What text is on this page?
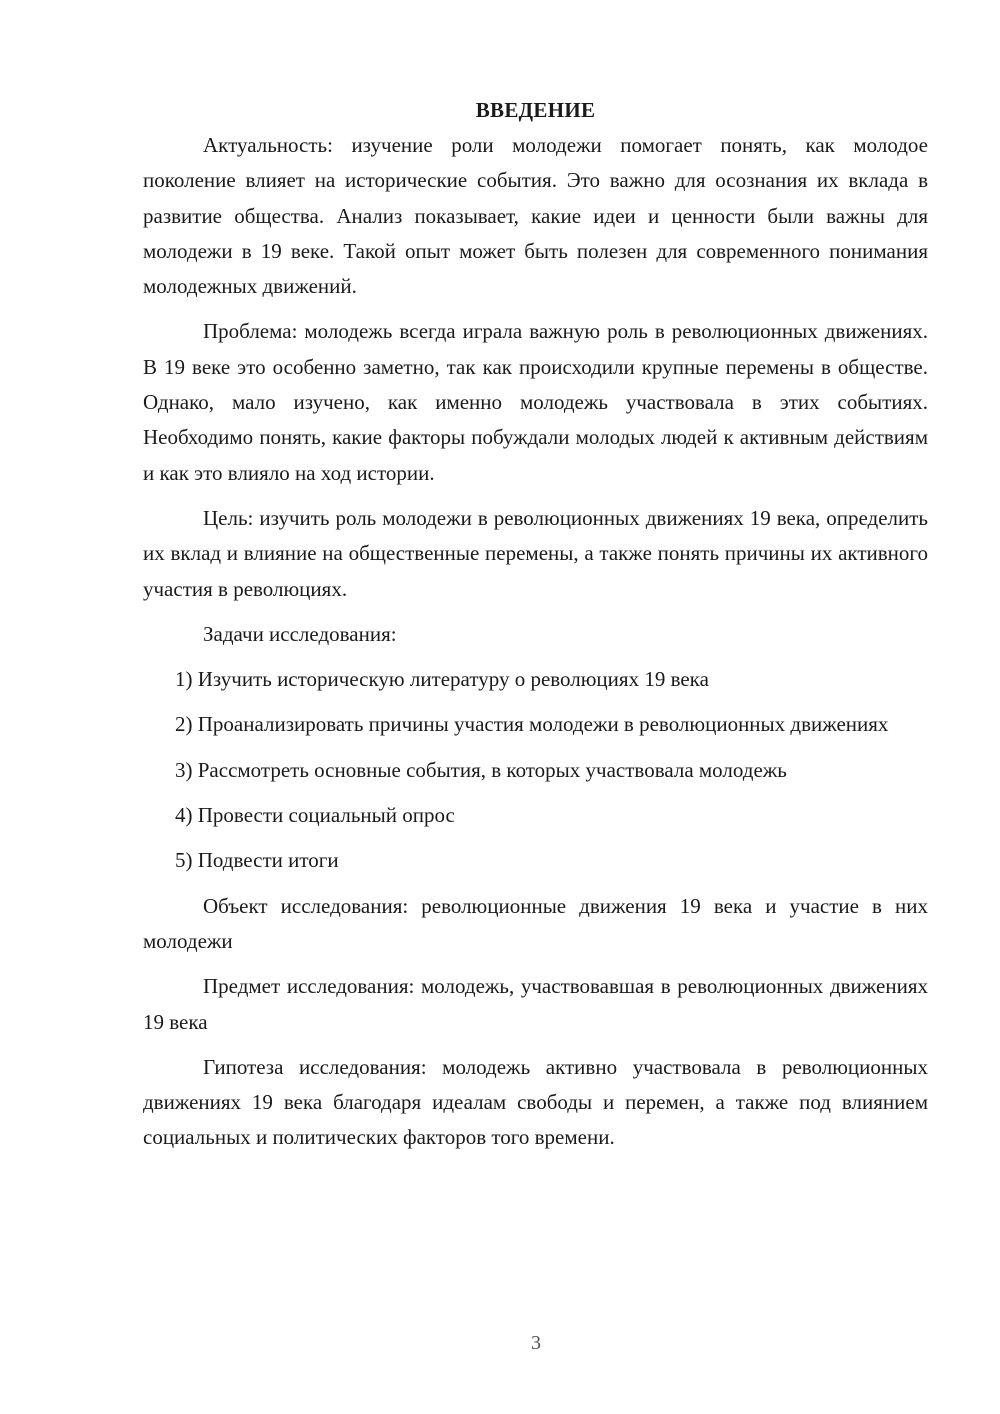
ВВЕДЕНИЕ

Актуальность: изучение роли молодежи помогает понять, как молодое поколение влияет на исторические события. Это важно для осознания их вклада в развитие общества. Анализ показывает, какие идеи и ценности были важны для молодежи в 19 веке. Такой опыт может быть полезен для современного понимания молодежных движений.

Проблема: молодежь всегда играла важную роль в революционных движениях. В 19 веке это особенно заметно, так как происходили крупные перемены в обществе. Однако, мало изучено, как именно молодежь участвовала в этих событиях. Необходимо понять, какие факторы побуждали молодых людей к активным действиям и как это влияло на ход истории.

Цель: изучить роль молодежи в революционных движениях 19 века, определить их вклад и влияние на общественные перемены, а также понять причины их активного участия в революциях.

Задачи исследования:

1) Изучить историческую литературу о революциях 19 века

2) Проанализировать причины участия молодежи в революционных движениях

3) Рассмотреть основные события, в которых участвовала молодежь

4) Провести социальный опрос

5) Подвести итоги

Объект исследования: революционные движения 19 века и участие в них молодежи

Предмет исследования: молодежь, участвовавшая в революционных движениях 19 века

Гипотеза исследования: молодежь активно участвовала в революционных движениях 19 века благодаря идеалам свободы и перемен, а также под влиянием социальных и политических факторов того времени.

3
